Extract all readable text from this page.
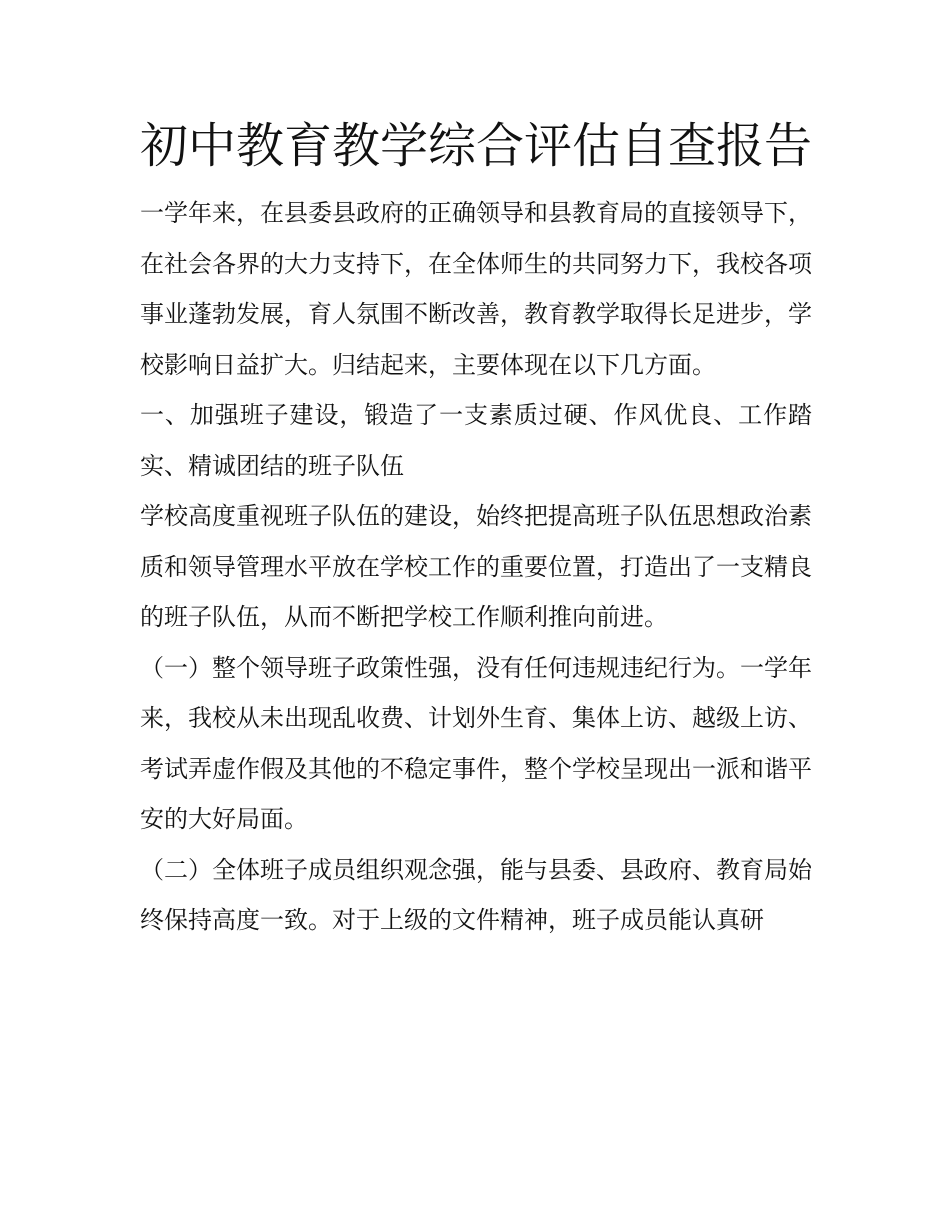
初中教育教学综合评估自查报告

一学年来，在县委县政府的正确领导和县教育局的直接领导下，在社会各界的大力支持下，在全体师生的共同努力下，我校各项事业蓬勃发展，育人氛围不断改善，教育教学取得长足进步，学校影响日益扩大。归结起来，主要体现在以下几方面。

一、加强班子建设，锻造了一支素质过硬、作风优良、工作踏实、精诚团结的班子队伍

学校高度重视班子队伍的建设，始终把提高班子队伍思想政治素质和领导管理水平放在学校工作的重要位置，打造出了一支精良的班子队伍，从而不断把学校工作顺利推向前进。

（一）整个领导班子政策性强，没有任何违规违纪行为。一学年来，我校从未出现乱收费、计划外生育、集体上访、越级上访、考试弄虚作假及其他的不稳定事件，整个学校呈现出一派和谐平安的大好局面。

（二）全体班子成员组织观念强，能与县委、县政府、教育局始终保持高度一致。对于上级的文件精神，班子成员能认真研
